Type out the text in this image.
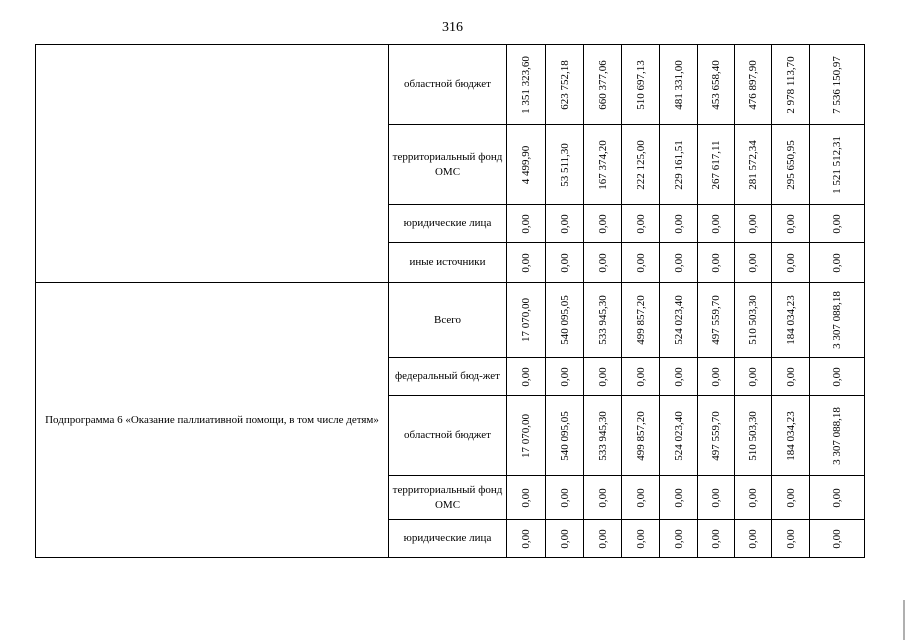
316
	областной бюджет	1 351 323,60	623 752,18	660 377,06	510 697,13	481 331,00	453 658,40	476 897,90	2 978 113,70	7 536 150,97

	территориальный фонд ОМС	4 499,90	53 511,30	167 374,20	222 125,00	229 161,51	267 617,11	281 572,34	295 650,95	1 521 512,31

	юридические лица	0,00	0,00	0,00	0,00	0,00	0,00	0,00	0,00	0,00

	иные источники	0,00	0,00	0,00	0,00	0,00	0,00	0,00	0,00	0,00

Подпрограмма 6 «Оказание паллиативной помощи, в том числе детям»	Всего	17 070,00	540 095,05	533 945,30	499 857,20	524 023,40	497 559,70	510 503,30	184 034,23	3 307 088,18

	федеральный бюд-жет	0,00	0,00	0,00	0,00	0,00	0,00	0,00	0,00	0,00

	областной бюджет	17 070,00	540 095,05	533 945,30	499 857,20	524 023,40	497 559,70	510 503,30	184 034,23	3 307 088,18

	территориальный фонд ОМС	0,00	0,00	0,00	0,00	0,00	0,00	0,00	0,00	0,00

	юридические лица	0,00	0,00	0,00	0,00	0,00	0,00	0,00	0,00	0,00
